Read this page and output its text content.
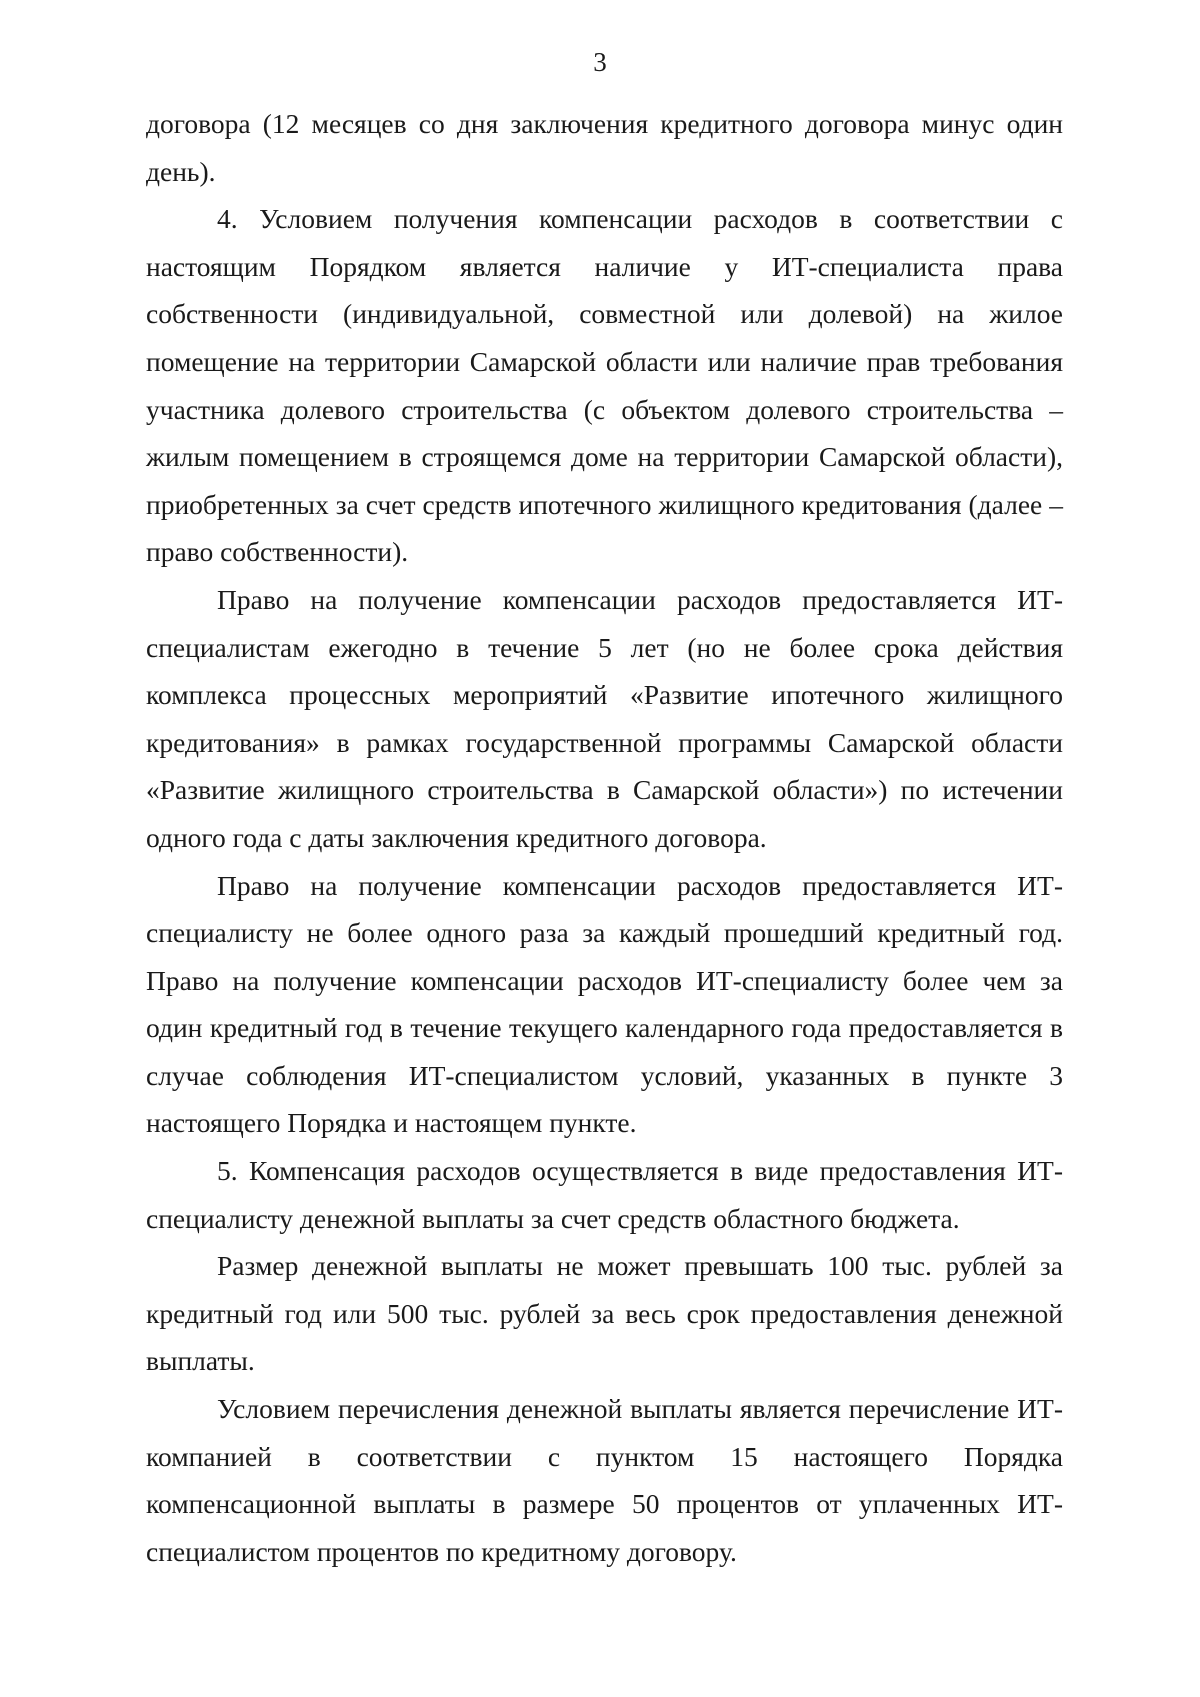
3

договора (12 месяцев со дня заключения кредитного договора минус один день).

4. Условием получения компенсации расходов в соответствии с настоящим Порядком является наличие у ИТ-специалиста права собственности (индивидуальной, совместной или долевой) на жилое помещение на территории Самарской области или наличие прав требования участника долевого строительства (с объектом долевого строительства – жилым помещением в строящемся доме на территории Самарской области), приобретенных за счет средств ипотечного жилищного кредитования (далее – право собственности).

Право на получение компенсации расходов предоставляется ИТ-специалистам ежегодно в течение 5 лет (но не более срока действия комплекса процессных мероприятий «Развитие ипотечного жилищного кредитования» в рамках государственной программы Самарской области «Развитие жилищного строительства в Самарской области») по истечении одного года с даты заключения кредитного договора.

Право на получение компенсации расходов предоставляется ИТ-специалисту не более одного раза за каждый прошедший кредитный год. Право на получение компенсации расходов ИТ-специалисту более чем за один кредитный год в течение текущего календарного года предоставляется в случае соблюдения ИТ-специалистом условий, указанных в пункте 3 настоящего Порядка и настоящем пункте.

5. Компенсация расходов осуществляется в виде предоставления ИТ-специалисту денежной выплаты за счет средств областного бюджета.

Размер денежной выплаты не может превышать 100 тыс. рублей за кредитный год или 500 тыс. рублей за весь срок предоставления денежной выплаты.

Условием перечисления денежной выплаты является перечисление ИТ-компанией в соответствии с пунктом 15 настоящего Порядка компенсационной выплаты в размере 50 процентов от уплаченных ИТ-специалистом процентов по кредитному договору.
